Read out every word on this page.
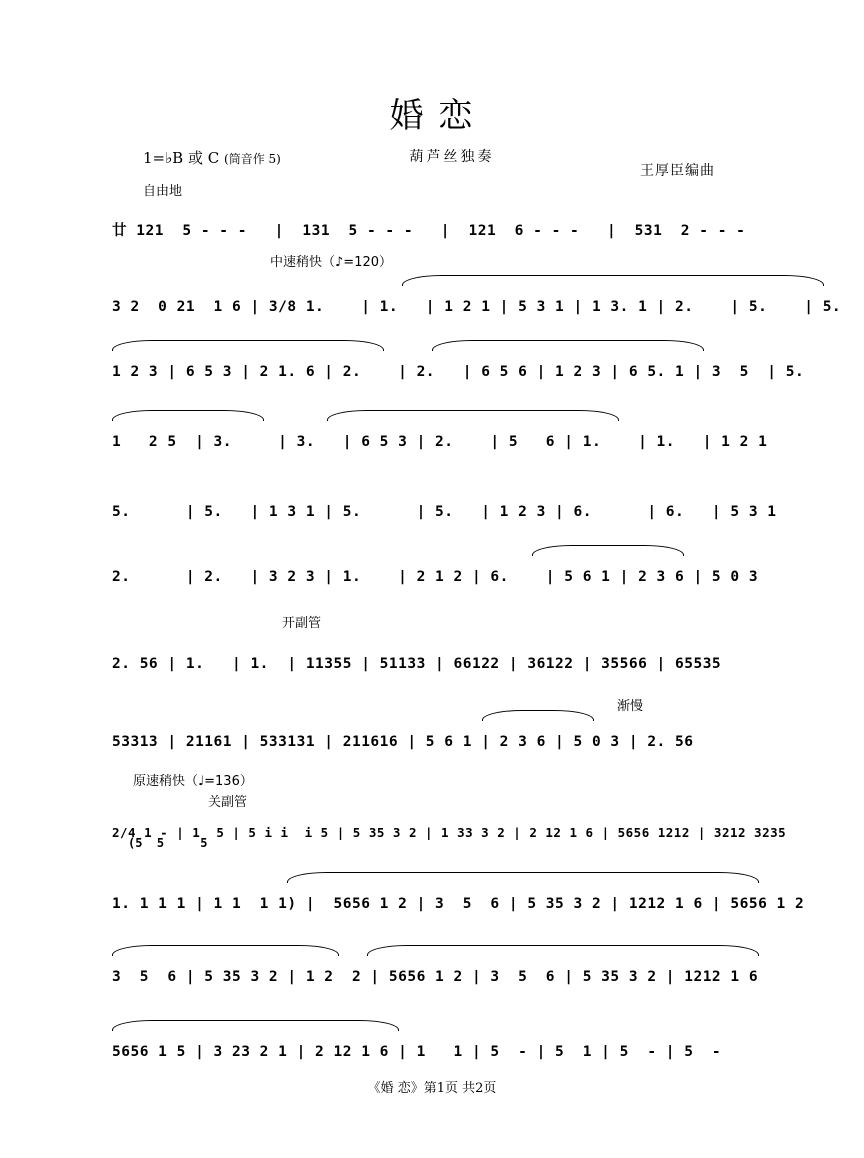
婚 恋
1=♭B 或 C (筒音作 5)	葫芦丝独奏
王厚臣编曲
自由地
廿 121  5 - - -   |  131  5 - - -   |  121  6 - - -   |  531  2 - - -
中速稍快（♪=120）
3 2  0 21  1 6 | 3/8 1.    | 1.   | 1 2 1 | 5 3 1 | 1 3. 1 | 2.    | 5.    | 5.
1 2 3 | 6 5 3 | 2 1. 6 | 2.    | 2.   | 6 5 6 | 1 2 3 | 6 5. 1 | 3  5  | 5.
1   2 5  | 3.     | 3.   | 6 5 3 | 2.    | 5   6 | 1.    | 1.   | 1 2 1
5.      | 5.   | 1 3 1 | 5.      | 5.   | 1 2 3 | 6.      | 6.   | 5 3 1
2.      | 2.   | 3 2 3 | 1.    | 2 1 2 | 6.    | 5 6 1 | 2 3 6 | 5 0 3
开副管
2. 56 | 1.   | 1.  | 11355 | 51133 | 66122 | 36122 | 35566 | 65535
渐慢
53313 | 21161 | 533131 | 211616 | 5 6 1 | 2 3 6 | 5 0 3 | 2. 56
原速稍快（♩=136）
关副管
2/4 1 - | 1  5 | 5 i i  i 5 | 5 35 3 2 | 1 33 3 2 | 2 12 1 6 | 5656 1212 | 3212 3235
(5  5     5
1. 1 1 1 | 1 1  1 1) |  5656 1 2 | 3  5  6 | 5 35 3 2 | 1212 1 6 | 5656 1 2
3  5  6 | 5 35 3 2 | 1 2  2 | 5656 1 2 | 3  5  6 | 5 35 3 2 | 1212 1 6
5656 1 5 | 3 23 2 1 | 2 12 1 6 | 1   1 | 5  - | 5  1 | 5  - | 5  -
《婚 恋》第1页 共2页
